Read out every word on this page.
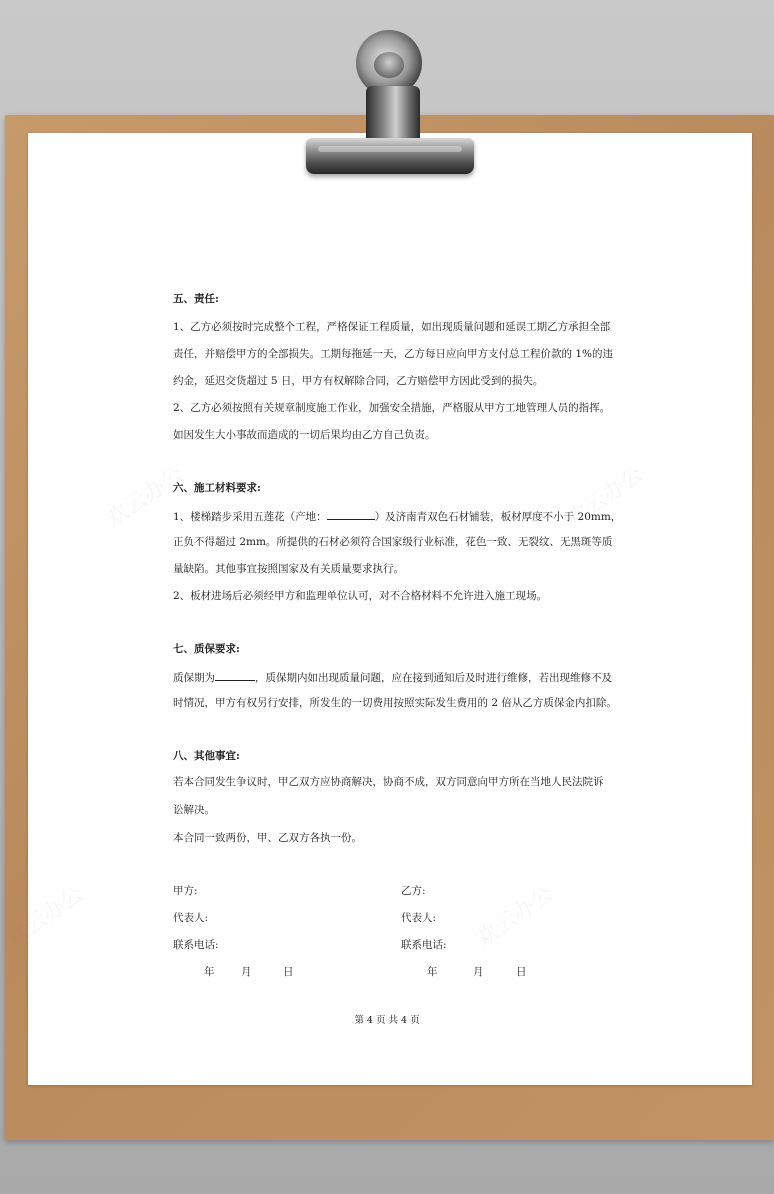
欢云办公	欢云办公
欢云办公	欢云办公
五、责任:
1、乙方必须按时完成整个工程，严格保证工程质量，如出现质量问题和延误工期乙方承担全部
责任，并赔偿甲方的全部损失。工期每拖延一天，乙方每日应向甲方支付总工程价款的 1%的违
约金，延迟交货超过 5 日，甲方有权解除合同，乙方赔偿甲方因此受到的损失。
2、乙方必须按照有关规章制度施工作业，加强安全措施，严格服从甲方工地管理人员的指挥。
如因发生大小事故而造成的一切后果均由乙方自己负责。
六、施工材料要求:
1、楼梯踏步采用五莲花（产地：	）及济南青双色石材铺装，板材厚度不小于 20mm，
正负不得超过 2mm。所提供的石材必须符合国家级行业标准，花色一致、无裂纹、无黑斑等质
量缺陷。其他事宜按照国家及有关质量要求执行。
2、板材进场后必须经甲方和监理单位认可，对不合格材料不允许进入施工现场。
七、质保要求:
质保期为	，质保期内如出现质量问题，应在接到通知后及时进行维修，若出现维修不及
时情况，甲方有权另行安排，所发生的一切费用按照实际发生费用的 2 倍从乙方质保金内扣除。
八、其他事宜:
若本合同发生争议时，甲乙双方应协商解决，协商不成，双方同意向甲方所在当地人民法院诉
讼解决。
本合同一致两份，甲、乙双方各执一份。
甲方:	乙方:
代表人:	代表人:
联系电话:	联系电话:
年	月	日	年	月	日
第 4 页 共 4 页
